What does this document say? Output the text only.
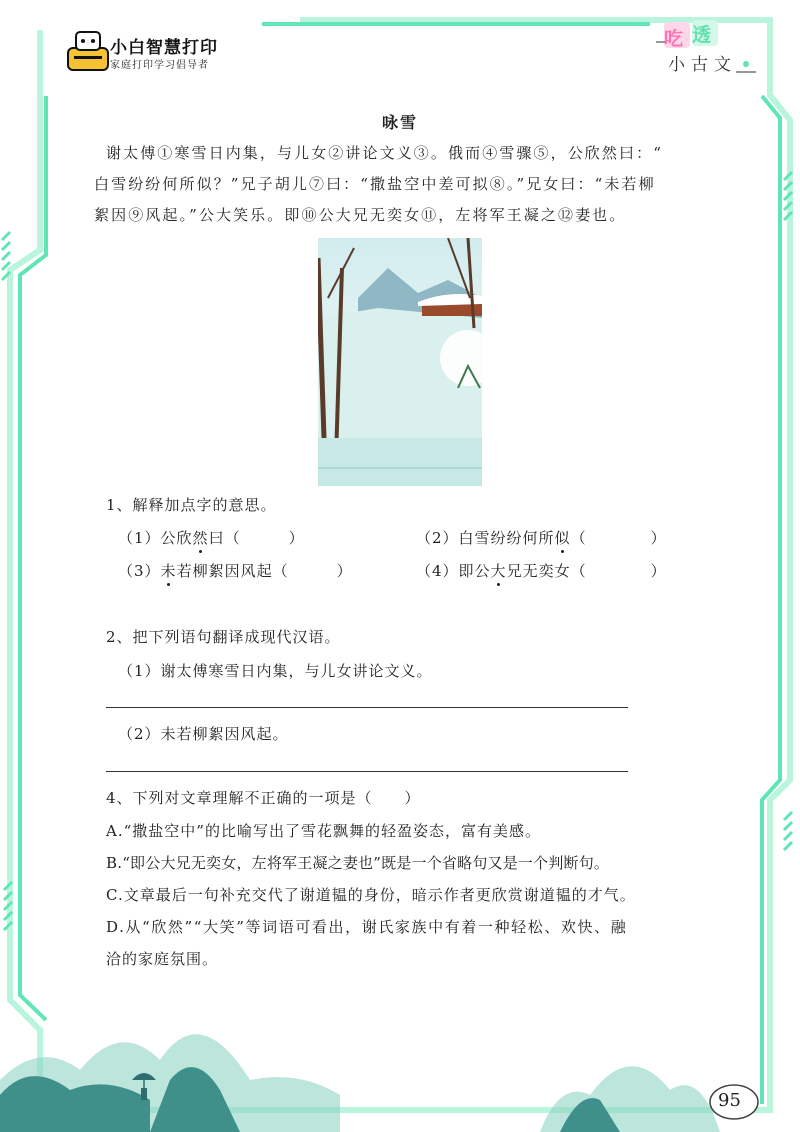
小白智慧打印
家庭打印学习倡导者
吃 透
小古文
咏雪

谢太傅①寒雪日内集，与儿女②讲论文义③。俄而④雪骤⑤，公欣然曰：“

白雪纷纷何所似？”兄子胡儿⑦曰：“撒盐空中差可拟⑧。”兄女曰：“未若柳

絮因⑨风起。”公大笑乐。即⑩公大兄无奕女⑪，左将军王凝之⑫妻也。

1、解释加点字的意思。
（1）公欣然曰（　　　）	（2）白雪纷纷何所似（　　　　）
（3）未若柳絮因风起（　　　）	（4）即公大兄无奕女（　　　　）
2、把下列语句翻译成现代汉语。
（1）谢太傅寒雪日内集，与儿女讲论文义。
（2）未若柳絮因风起。
4、下列对文章理解不正确的一项是（　　）
A.“撒盐空中”的比喻写出了雪花飘舞的轻盈姿态，富有美感。
B.“即公大兄无奕女，左将军王凝之妻也”既是一个省略句又是一个判断句。
C.文章最后一句补充交代了谢道韫的身份，暗示作者更欣赏谢道韫的才气。
D.从“欣然”“大笑”等词语可看出，谢氏家族中有着一种轻松、欢快、融
洽的家庭氛围。
95
